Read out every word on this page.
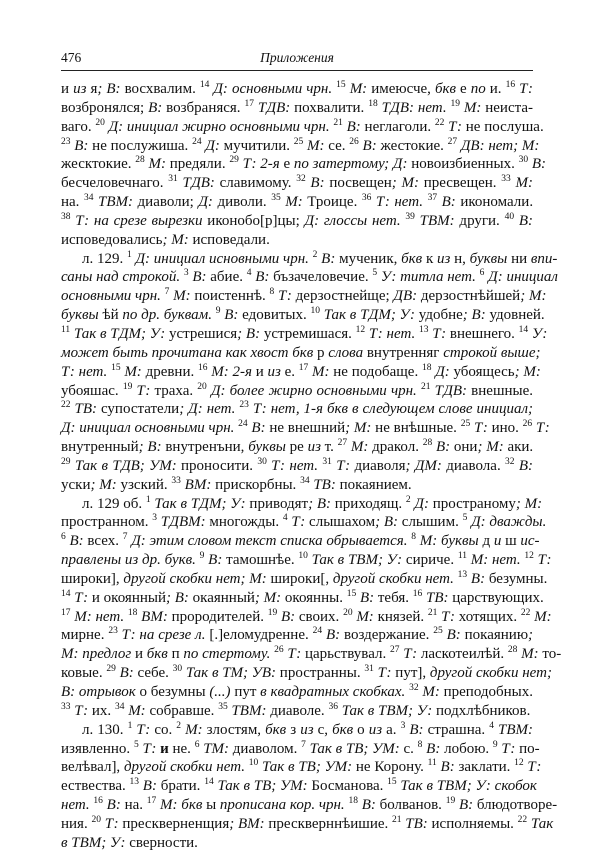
476	Приложения
и из я; В: восхвалим. $^{14}$ Д: основными чрн. $^{15}$ М: имеюсче, бкв е по и. $^{16}$ Т:
возбронялся; В: возбраняся. $^{17}$ ТДВ: похвалити. $^{18}$ ТДВ: нет. $^{19}$ М: неиста-
ваго. $^{20}$ Д: инициал жирно основными чрн. $^{21}$ В: неглаголи. $^{22}$ Т: не послуша.
$^{23}$ В: не послужиша. $^{24}$ Д: мучитили. $^{25}$ М: се. $^{26}$ В: жестокие. $^{27}$ ДВ: нет; М:
жесктокие. $^{28}$ М: предяли. $^{29}$ Т: 2-я е по затертому; Д: новоизбиенных. $^{30}$ В:
бесчеловечнаго. $^{31}$ ТДВ: славимому. $^{32}$ В: посвещен; М: пресвещен. $^{33}$ М:
на. $^{34}$ ТВМ: диаволи; Д: диволи. $^{35}$ М: Троице. $^{36}$ Т: нет. $^{37}$ В: икономали.
$^{38}$ Т: на срезе вырезки иконобо[р]цы; Д: глоссы нет. $^{39}$ ТВМ: други. $^{40}$ В:
исповедовались; М: исповедали.
л. 129. $^1$ Д: инициал исновными чрн. $^2$ В: мученик, бкв к из н, буквы ни впи-
саны над строкой. $^3$ В: абие. $^4$ В: бъзачеловечие. $^5$ У: титла нет. $^6$ Д: инициал
основными чрн. $^7$ М: поистеннѣ. $^8$ Т: дерзостнейще; ДВ: дерзостнѣйшей; М:
буквы ѣй по др. буквам. $^9$ В: едовитых. $^{10}$ Так в ТДМ; У: удобне; В: удовней.
$^{11}$ Так в ТДМ; У: устрешися; В: устремишася. $^{12}$ Т: нет. $^{13}$ Т: внешнего. $^{14}$ У:
может быть прочитана как хвост бкв р слова внутренняг строкой выше;
Т: нет. $^{15}$ М: древни. $^{16}$ М: 2-я и из е. $^{17}$ М: не подобаще. $^{18}$ Д: убоящесь; М:
убояшас. $^{19}$ Т: траха. $^{20}$ Д: более жирно основными чрн. $^{21}$ ТДВ: внешные.
$^{22}$ ТВ: супостатели; Д: нет. $^{23}$ Т: нет, 1-я бкв в следующем слове инициал;
Д: инициал основными чрн. $^{24}$ В: не внешний; М: не внѣшные. $^{25}$ Т: ино. $^{26}$ Т:
внутренный; В: внутренъни, буквы ре из т. $^{27}$ М: дракол. $^{28}$ В: они; М: аки.
$^{29}$ Так в ТДВ; УМ: проносити. $^{30}$ Т: нет. $^{31}$ Т: диаволя; ДМ: диавола. $^{32}$ В:
уски; М: узский. $^{33}$ ВМ: прискорбны. $^{34}$ ТВ: покаянием.
л. 129 об. $^1$ Так в ТДМ; У: приводят; В: приходящ. $^2$ Д: пространому; М:
пространном. $^3$ ТДВМ: многожды. $^4$ Т: слышахом; В: слышим. $^5$ Д: дважды.
$^6$ В: всех. $^7$ Д: этим словом текст списка обрывается. $^8$ М: буквы д и ш ис-
правлены из др. букв. $^9$ В: тамошнѣе. $^{10}$ Так в ТВМ; У: сириче. $^{11}$ М: нет. $^{12}$ Т:
широки], другой скобки нет; М: широки[, другой скобки нет. $^{13}$ В: безумны.
$^{14}$ Т: и окоянный; В: окаянный; М: окоянны. $^{15}$ В: тебя. $^{16}$ ТВ: царствующих.
$^{17}$ М: нет. $^{18}$ ВМ: прородителей. $^{19}$ В: своих. $^{20}$ М: князей. $^{21}$ Т: хотящих. $^{22}$ М:
мирне. $^{23}$ Т: на срезе л. [.]еломудренне. $^{24}$ В: воздержание. $^{25}$ В: покаянию;
М: предлог и бкв п по стертому. $^{26}$ Т: царьствувал. $^{27}$ Т: ласкотеилѣй. $^{28}$ М: то-
ковые. $^{29}$ В: себе. $^{30}$ Так в ТМ; УВ: пространны. $^{31}$ Т: пут], другой скобки нет;
В: отрывок о безумны (...) пут в квадратных скобках. $^{32}$ М: преподобных.
$^{33}$ Т: их. $^{34}$ М: собравше. $^{35}$ ТВМ: диаволе. $^{36}$ Так в ТВМ; У: подхлѣбников.
л. 130. $^1$ Т: со. $^2$ М: злостям, бкв з из с, бкв о из а. $^3$ В: страшна. $^4$ ТВМ:
изявленно. $^5$ Т: и не. $^6$ ТМ: диаволом. $^7$ Так в ТВ; УМ: с. $^8$ В: лобою. $^9$ Т: по-
велѣвал], другой скобки нет. $^{10}$ Так в ТВ; УМ: не Корону. $^{11}$ В: заклати. $^{12}$ Т:
ествества. $^{13}$ В: брати. $^{14}$ Так в ТВ; УМ: Босманова. $^{15}$ Так в ТВМ; У: скобок
нет. $^{16}$ В: на. $^{17}$ М: бкв ы прописана кор. чрн. $^{18}$ В: болванов. $^{19}$ В: блюдотворе-
ния. $^{20}$ Т: прескверненщия; ВМ: прескверннѣишие. $^{21}$ ТВ: исполняемы. $^{22}$ Так
в ТВМ; У: сверности.
